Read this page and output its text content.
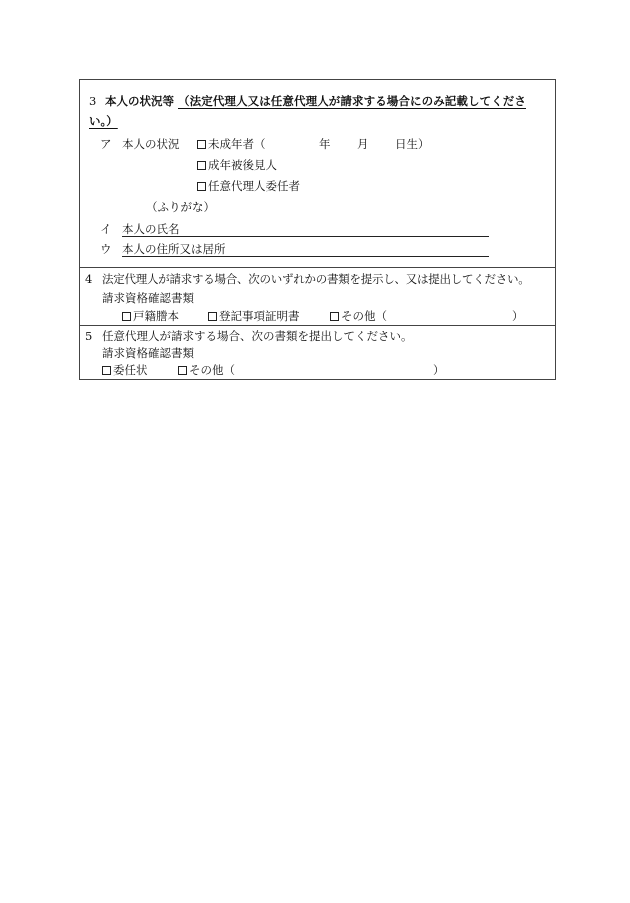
3 本人の状況等 （法定代理人又は任意代理人が請求する場合にのみ記載してくださ
い。）
ア 本人の状況 未成年者（	年 月 日生）
成年被後見人
任意代理人委任者
（ふりがな）
イ 本人の氏名
ウ 本人の住所又は居所
4 法定代理人が請求する場合、次のいずれかの書類を提示し、又は提出してください。
請求資格確認書類
戸籍謄本	登記事項証明書	その他（	）
5 任意代理人が請求する場合、次の書類を提出してください。
請求資格確認書類
委任状	その他（	）
